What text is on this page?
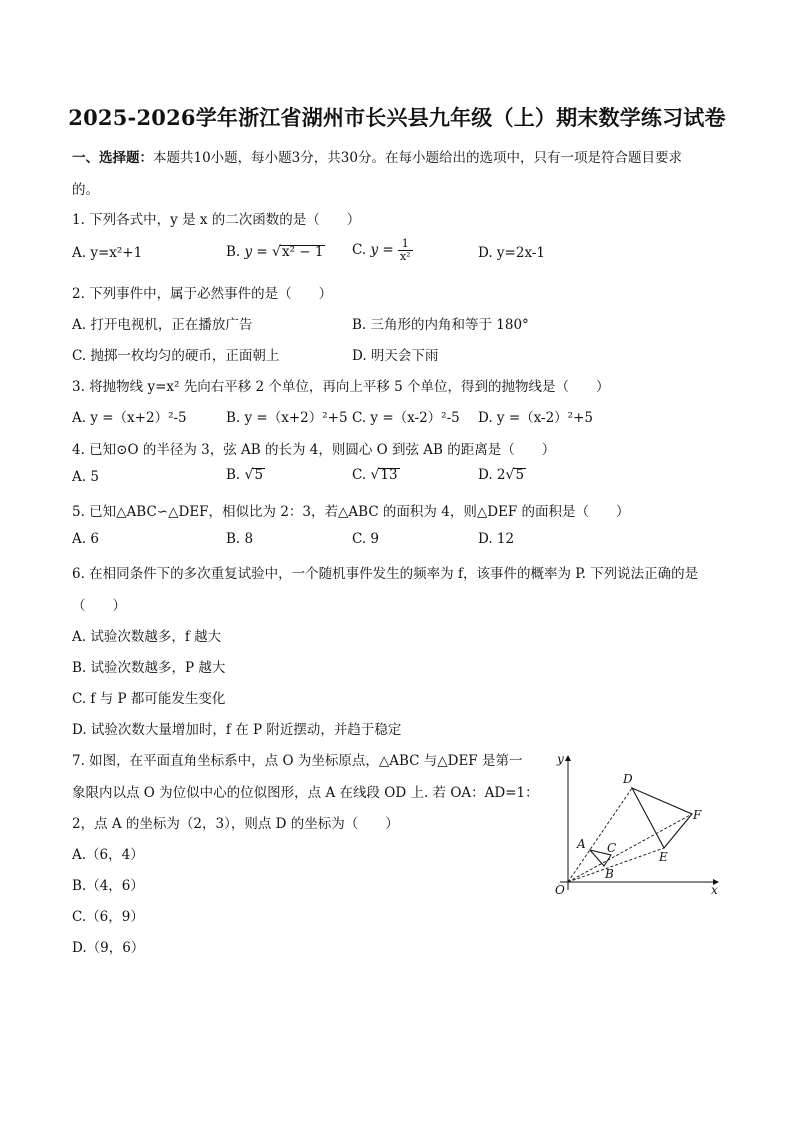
2025-2026学年浙江省湖州市长兴县九年级（上）期末数学练习试卷
一、选择题：本题共10小题，每小题3分，共30分。在每小题给出的选项中，只有一项是符合题目要求
的。
1. 下列各式中，y 是 x 的二次函数的是（　　）
A. y=x²+1	B. y = √x² − 1 C. $y = \frac{1}{\text{x²}}$	D. y=2x-1
2. 下列事件中，属于必然事件的是（　　）
A. 打开电视机，正在播放广告	B. 三角形的内角和等于 180°
C. 抛掷一枚均匀的硬币，正面朝上	D. 明天会下雨
3. 将抛物线 y=x² 先向右平移 2 个单位，再向上平移 5 个单位，得到的抛物线是（　　）
A. y =（x+2）²-5	B. y =（x+2）²+5 C. y =（x-2）²-5 D. y =（x-2）²+5
4. 已知⊙O 的半径为 3，弦 AB 的长为 4，则圆心 O 到弦 AB 的距离是（　　）
A. 5	B. √5	C. √13	D. 2√5
5. 已知△ABC∽△DEF，相似比为 2：3，若△ABC 的面积为 4，则△DEF 的面积是（　　）
A. 6	B. 8	C. 9	D. 12
6. 在相同条件下的多次重复试验中，一个随机事件发生的频率为 f，该事件的概率为 P. 下列说法正确的是
（　　）
A. 试验次数越多，f 越大
B. 试验次数越多，P 越大
C. f 与 P 都可能发生变化
D. 试验次数大量增加时，f 在 P 附近摆动，并趋于稳定
7. 如图，在平面直角坐标系中，点 O 为坐标原点，△ABC 与△DEF 是第一
象限内以点 O 为位似中心的位似图形，点 A 在线段 OD 上. 若 OA：AD=1：
2，点 A 的坐标为（2，3），则点 D 的坐标为（　　）
A.（6，4）
B.（4，6）
C.（6，9）
D.（9，6）
y
x
O
A
B
C
D
E
F
